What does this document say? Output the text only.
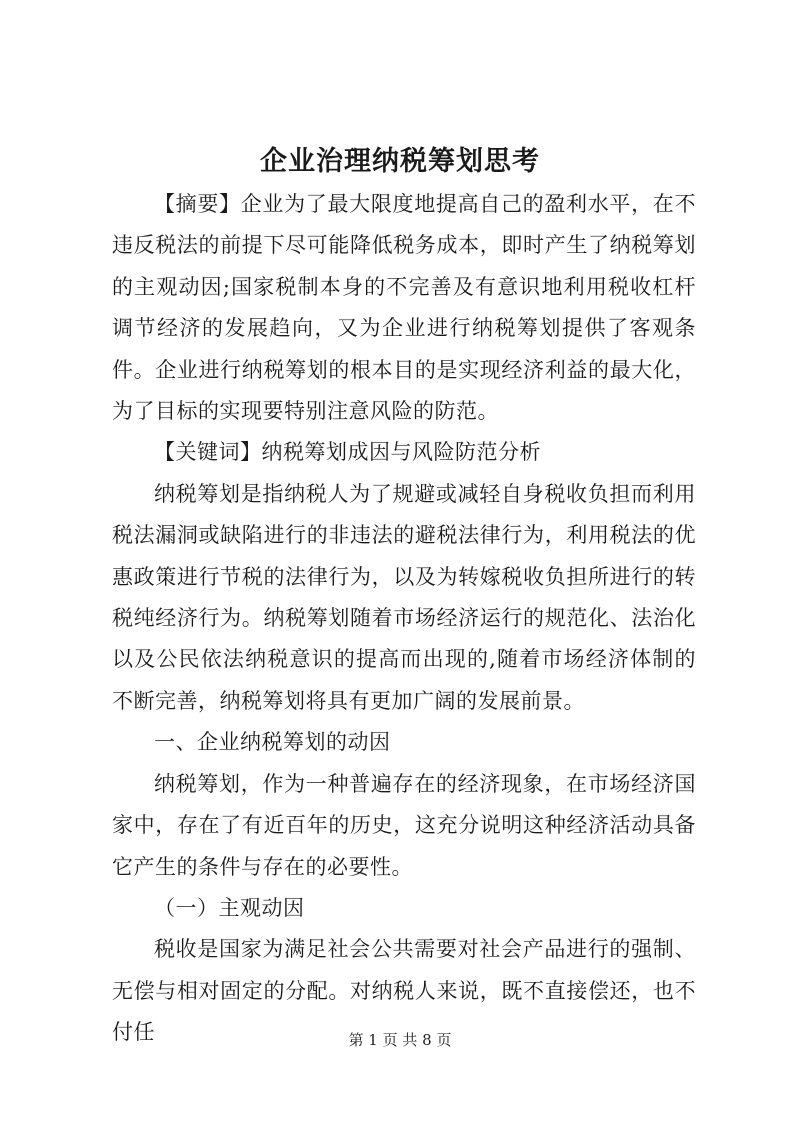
企业治理纳税筹划思考

【摘要】企业为了最大限度地提高自己的盈利水平，在不违反税法的前提下尽可能降低税务成本，即时产生了纳税筹划的主观动因;国家税制本身的不完善及有意识地利用税收杠杆调节经济的发展趋向，又为企业进行纳税筹划提供了客观条件。企业进行纳税筹划的根本目的是实现经济利益的最大化，为了目标的实现要特别注意风险的防范。

【关键词】纳税筹划成因与风险防范分析

纳税筹划是指纳税人为了规避或减轻自身税收负担而利用税法漏洞或缺陷进行的非违法的避税法律行为，利用税法的优惠政策进行节税的法律行为，以及为转嫁税收负担所进行的转税纯经济行为。纳税筹划随着市场经济运行的规范化、法治化以及公民依法纳税意识的提高而出现的,随着市场经济体制的不断完善，纳税筹划将具有更加广阔的发展前景。

一、企业纳税筹划的动因

纳税筹划，作为一种普遍存在的经济现象，在市场经济国家中，存在了有近百年的历史，这充分说明这种经济活动具备它产生的条件与存在的必要性。

（一）主观动因

税收是国家为满足社会公共需要对社会产品进行的强制、无偿与相对固定的分配。对纳税人来说，既不直接偿还，也不付任	第 1 页 共 8 页
